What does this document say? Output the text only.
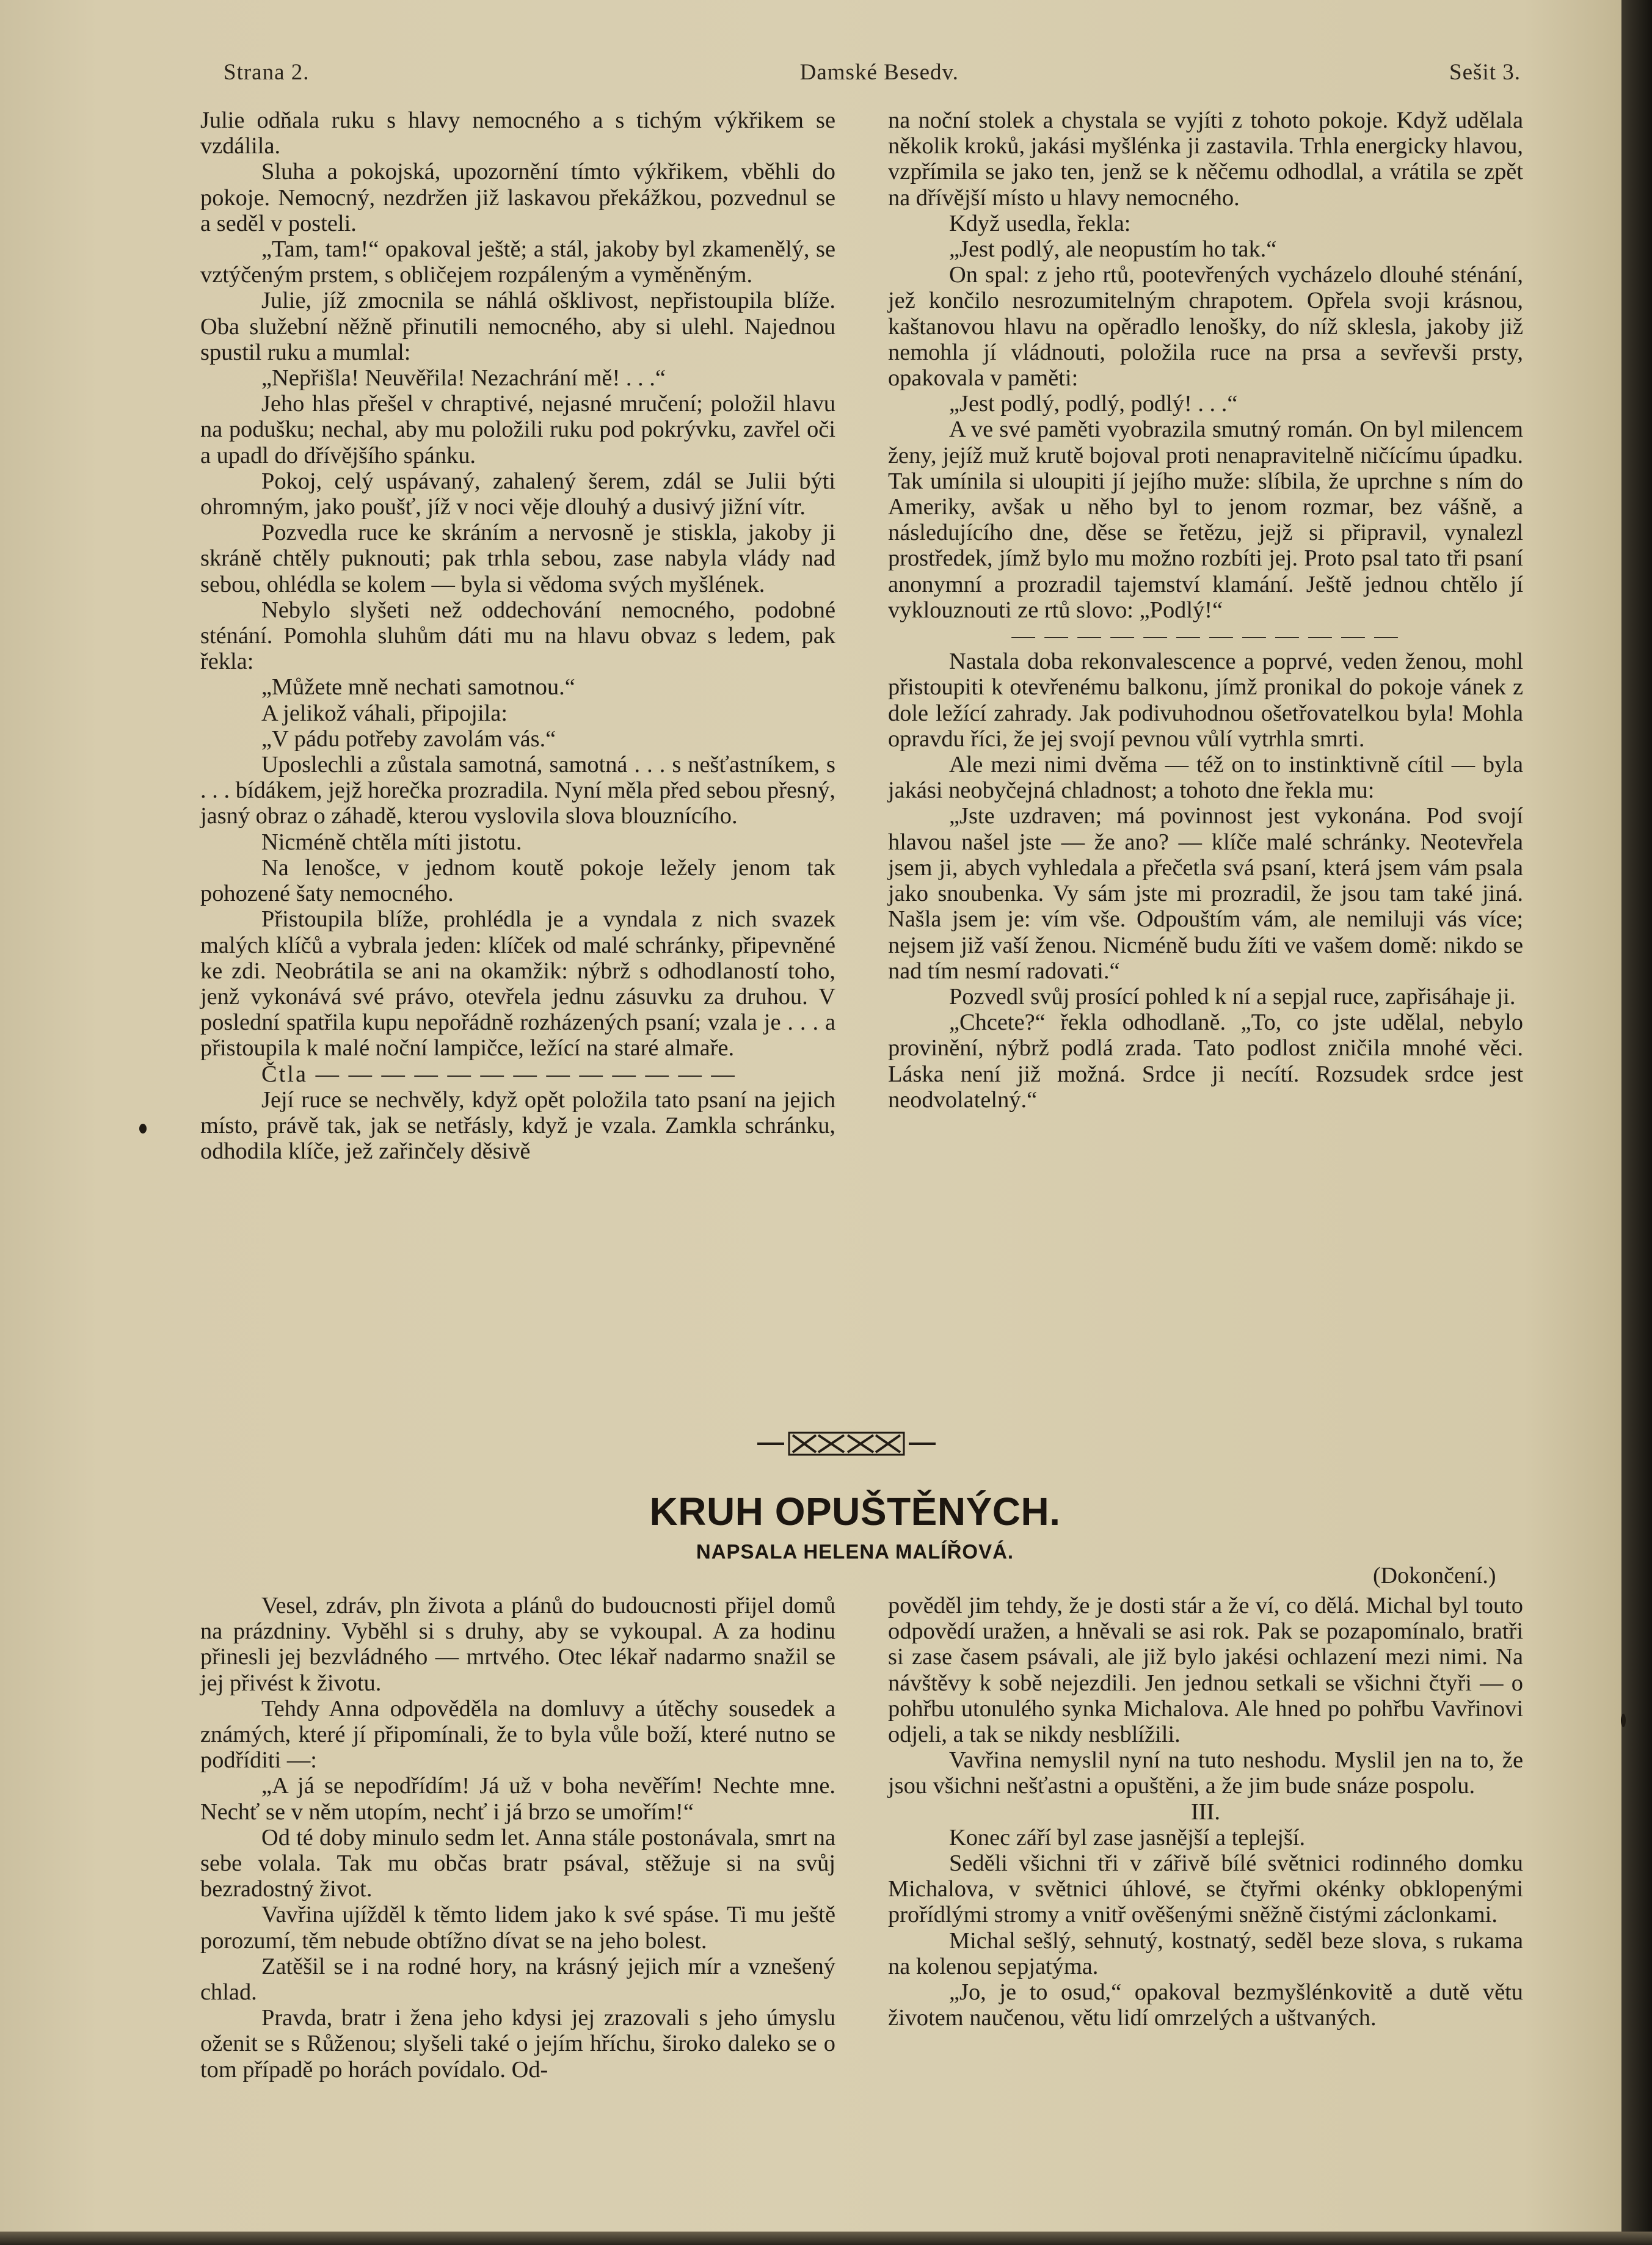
Strana 2.	Damské Besedv.	Sešit 3.

Julie odňala ruku s hlavy nemocného a s tichým výkřikem se vzdálila.

Sluha a pokojská, upozornění tímto výkřikem, vběhli do pokoje. Nemocný, nezdržen již laskavou překážkou, pozvednul se a seděl v posteli.

„Tam, tam!“ opakoval ještě; a stál, jakoby byl zkamenělý, se vztýčeným prstem, s obličejem rozpáleným a vyměněným.

Julie, jíž zmocnila se náhlá ošklivost, nepřistoupila blíže. Oba služební něžně přinutili nemocného, aby si ulehl. Najednou spustil ruku a mumlal:

„Nepřišla! Neuvěřila! Nezachrání mě! . . .“

Jeho hlas přešel v chraptivé, nejasné mručení; položil hlavu na podušku; nechal, aby mu položili ruku pod pokrývku, zavřel oči a upadl do dřívějšího spánku.

Pokoj, celý uspávaný, zahalený šerem, zdál se Julii býti ohromným, jako poušť, jíž v noci věje dlouhý a dusivý jižní vítr.

Pozvedla ruce ke skráním a nervosně je stiskla, jakoby ji skráně chtěly puknouti; pak trhla sebou, zase nabyla vlády nad sebou, ohlédla se kolem — byla si vědoma svých myšlének.

Nebylo slyšeti než oddechování nemocného, podobné sténání. Pomohla sluhům dáti mu na hlavu obvaz s ledem, pak řekla:

„Můžete mně nechati samotnou.“

A jelikož váhali, připojila:

„V pádu potřeby zavolám vás.“

Uposlechli a zůstala samotná, samotná . . . s nešťastníkem, s . . . bídákem, jejž horečka prozradila. Nyní měla před sebou přesný, jasný obraz o záhadě, kterou vyslovila slova blouznícího.

Nicméně chtěla míti jistotu.

Na lenošce, v jednom koutě pokoje ležely jenom tak pohozené šaty nemocného.

Přistoupila blíže, prohlédla je a vyndala z nich svazek malých klíčů a vybrala jeden: klíček od malé schránky, připevněné ke zdi. Neobrátila se ani na okamžik: nýbrž s odhodlaností toho, jenž vykonává své právo, otevřela jednu zásuvku za druhou. V poslední spatřila kupu nepořádně rozházených psaní; vzala je . . . a přistoupila k malé noční lampičce, ležící na staré almaře.

Čtla — — — — — — — — — — — — —

Její ruce se nechvěly, když opět položila tato psaní na jejich místo, právě tak, jak se netřásly, když je vzala. Zamkla schránku, odhodila klíče, jež zařinčely děsivě

na noční stolek a chystala se vyjíti z tohoto pokoje. Když udělala několik kroků, jakási myšlénka ji zastavila. Trhla energicky hlavou, vzpřímila se jako ten, jenž se k něčemu odhodlal, a vrátila se zpět na dřívější místo u hlavy nemocného.

Když usedla, řekla:

„Jest podlý, ale neopustím ho tak.“

On spal: z jeho rtů, pootevřených vycházelo dlouhé sténání, jež končilo nesrozumitelným chrapotem. Opřela svoji krásnou, kaštanovou hlavu na opěradlo lenošky, do níž sklesla, jakoby již nemohla jí vládnouti, položila ruce na prsa a sevřevši prsty, opakovala v paměti:

„Jest podlý, podlý, podlý! . . .“

A ve své paměti vyobrazila smutný román. On byl milencem ženy, jejíž muž krutě bojoval proti nenapravitelně ničícímu úpadku. Tak umínila si uloupiti jí jejího muže: slíbila, že uprchne s ním do Ameriky, avšak u něho byl to jenom rozmar, bez vášně, a následujícího dne, děse se řetězu, jejž si připravil, vynalezl prostředek, jímž bylo mu možno rozbíti jej. Proto psal tato tři psaní anonymní a prozradil tajemství klamání. Ještě jednou chtělo jí vyklouznouti ze rtů slovo: „Podlý!“

— — — — — — — — — — — —

Nastala doba rekonvalescence a poprvé, veden ženou, mohl přistoupiti k otevřenému balkonu, jímž pronikal do pokoje vánek z dole ležící zahrady. Jak podivuhodnou ošetřovatelkou byla! Mohla opravdu říci, že jej svojí pevnou vůlí vytrhla smrti.

Ale mezi nimi dvěma — též on to instinktivně cítil — byla jakási neobyčejná chladnost; a tohoto dne řekla mu:

„Jste uzdraven; má povinnost jest vykonána. Pod svojí hlavou našel jste — že ano? — klíče malé schránky. Neotevřela jsem ji, abych vyhledala a přečetla svá psaní, která jsem vám psala jako snoubenka. Vy sám jste mi prozradil, že jsou tam také jiná. Našla jsem je: vím vše. Odpouštím vám, ale nemiluji vás více; nejsem již vaší ženou. Nicméně budu žíti ve vašem domě: nikdo se nad tím nesmí radovati.“

Pozvedl svůj prosící pohled k ní a sepjal ruce, zapřisáhaje ji.

„Chcete?“ řekla odhodlaně. „To, co jste udělal, nebylo provinění, nýbrž podlá zrada. Tato podlost zničila mnohé věci. Láska není již možná. Srdce ji necítí. Rozsudek srdce jest neodvolatelný.“

KRUH OPUŠTĚNÝCH.
NAPSALA HELENA MALÍŘOVÁ.
(Dokončení.)

Vesel, zdráv, pln života a plánů do budoucnosti přijel domů na prázdniny. Vyběhl si s druhy, aby se vykoupal. A za hodinu přinesli jej bezvládného — mrtvého. Otec lékař nadarmo snažil se jej přivést k životu.

Tehdy Anna odpověděla na domluvy a útěchy sousedek a známých, které jí připomínali, že to byla vůle boží, které nutno se podříditi —:

„A já se nepodřídím! Já už v boha nevěřím! Nechte mne. Nechť se v něm utopím, nechť i já brzo se umořím!“

Od té doby minulo sedm let. Anna stále postonávala, smrt na sebe volala. Tak mu občas bratr psával, stěžuje si na svůj bezradostný život.

Vavřina ujížděl k těmto lidem jako k své spáse. Ti mu ještě porozumí, těm nebude obtížno dívat se na jeho bolest.

Zatěšil se i na rodné hory, na krásný jejich mír a vznešený chlad.

Pravda, bratr i žena jeho kdysi jej zrazovali s jeho úmyslu oženit se s Růženou; slyšeli také o jejím hříchu, široko daleko se o tom případě po horách povídalo. Od-

pověděl jim tehdy, že je dosti stár a že ví, co dělá. Michal byl touto odpovědí uražen, a hněvali se asi rok. Pak se pozapomínalo, bratři si zase časem psávali, ale již bylo jakési ochlazení mezi nimi. Na návštěvy k sobě nejezdili. Jen jednou setkali se všichni čtyři — o pohřbu utonulého synka Michalova. Ale hned po pohřbu Vavřinovi odjeli, a tak se nikdy nesblížili.

Vavřina nemyslil nyní na tuto neshodu. Myslil jen na to, že jsou všichni nešťastni a opuštěni, a že jim bude snáze pospolu.

III.

Konec září byl zase jasnější a teplejší.

Seděli všichni tři v zářivě bílé světnici rodinného domku Michalova, v světnici úhlové, se čtyřmi okénky obklopenými prořídlými stromy a vnitř ověšenými sněžně čistými záclonkami.

Michal sešlý, sehnutý, kostnatý, seděl beze slova, s rukama na kolenou sepjatýma.

„Jo, je to osud,“ opakoval bezmyšlénkovitě a dutě větu životem naučenou, větu lidí omrzelých a uštvaných.
